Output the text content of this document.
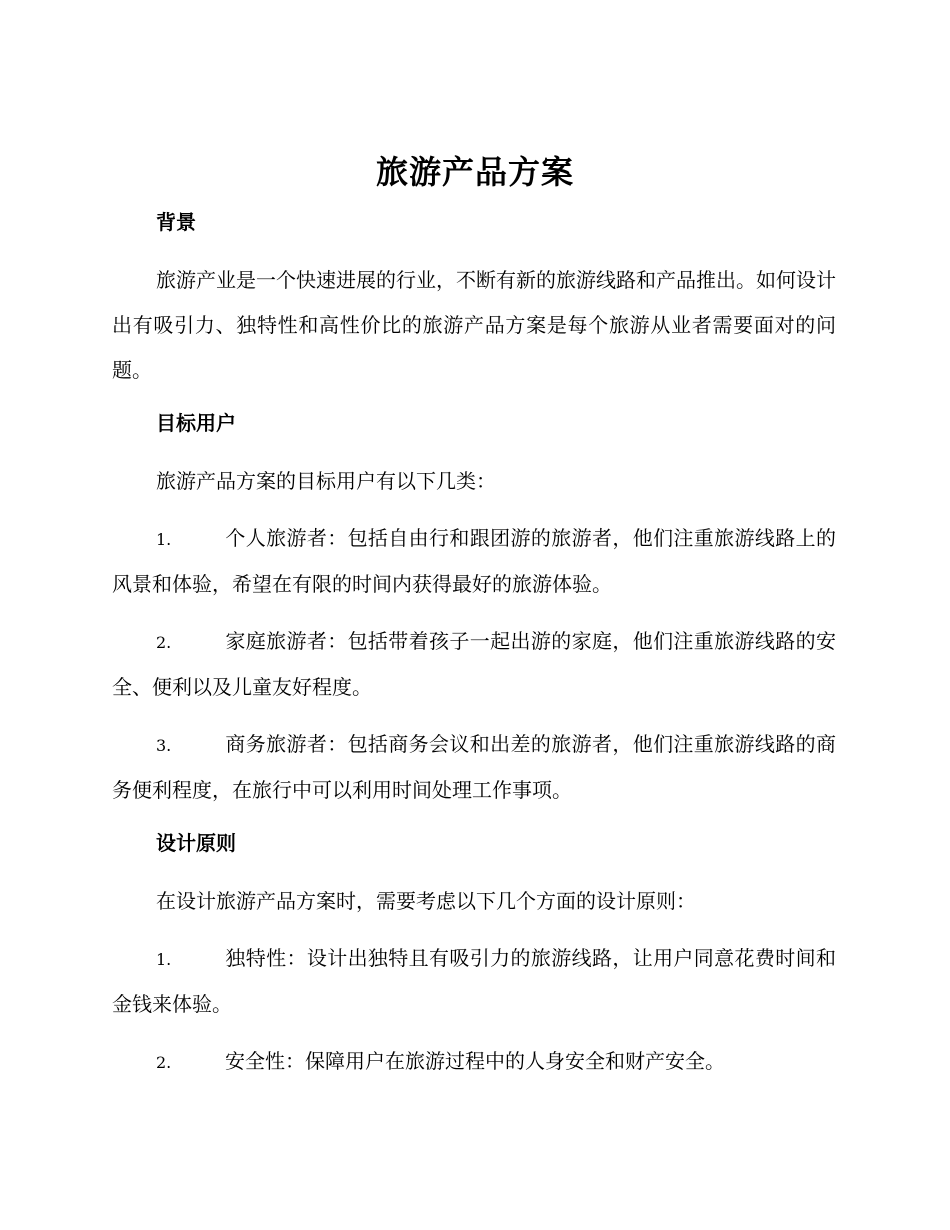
旅游产品方案
背景

旅游产业是一个快速进展的行业，不断有新的旅游线路和产品推出。如何设计出有吸引力、独特性和高性价比的旅游产品方案是每个旅游从业者需要面对的问题。

目标用户

旅游产品方案的目标用户有以下几类：

1.	个人旅游者：包括自由行和跟团游的旅游者，他们注重旅游线路上的风景和体验，希望在有限的时间内获得最好的旅游体验。
2.	家庭旅游者：包括带着孩子一起出游的家庭，他们注重旅游线路的安全、便利以及儿童友好程度。
3.	商务旅游者：包括商务会议和出差的旅游者，他们注重旅游线路的商务便利程度，在旅行中可以利用时间处理工作事项。
设计原则

在设计旅游产品方案时，需要考虑以下几个方面的设计原则：

1.	独特性：设计出独特且有吸引力的旅游线路，让用户同意花费时间和金钱来体验。
2.	安全性：保障用户在旅游过程中的人身安全和财产安全。
